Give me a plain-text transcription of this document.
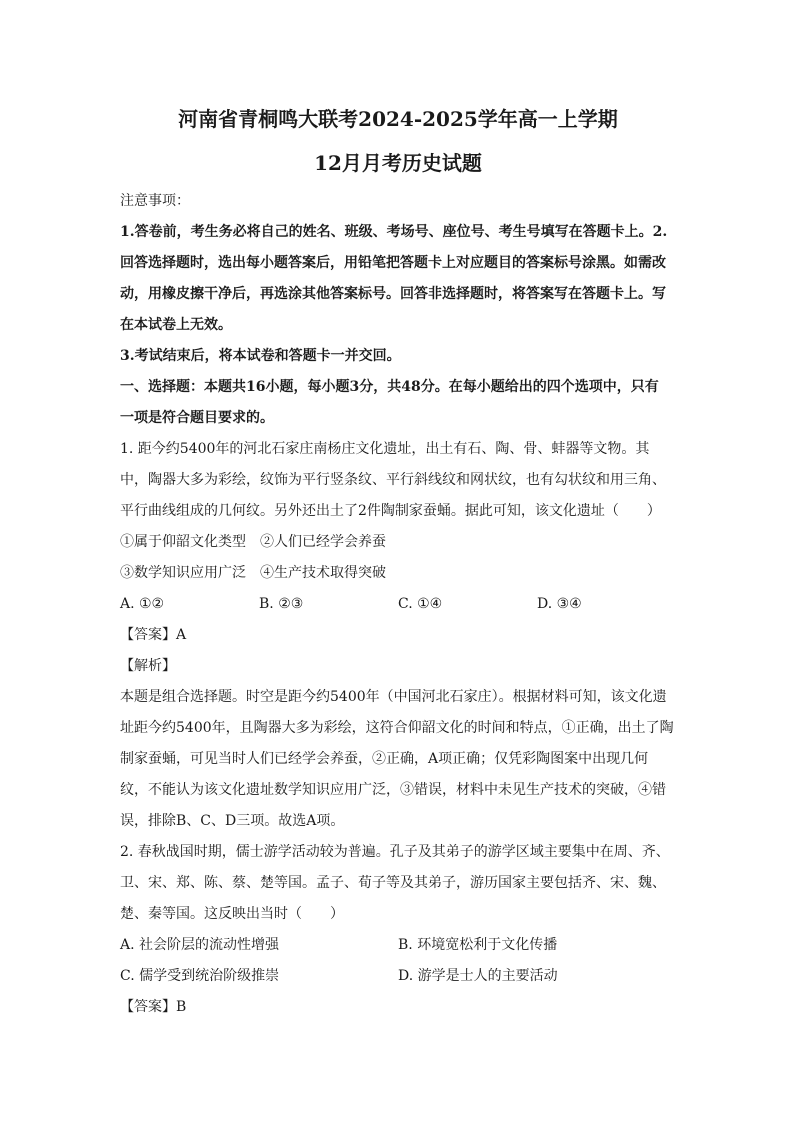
河南省青桐鸣大联考2024-2025学年高一上学期
12月月考历史试题

注意事项：

1.答卷前，考生务必将自己的姓名、班级、考场号、座位号、考生号填写在答题卡上。2.

回答选择题时，选出每小题答案后，用铅笔把答题卡上对应题目的答案标号涂黑。如需改

动，用橡皮擦干净后，再选涂其他答案标号。回答非选择题时，将答案写在答题卡上。写

在本试卷上无效。

3.考试结束后，将本试卷和答题卡一并交回。

一、选择题：本题共16小题，每小题3分，共48分。在每小题给出的四个选项中，只有

一项是符合题目要求的。

1. 距今约5400年的河北石家庄南杨庄文化遗址，出土有石、陶、骨、蚌器等文物。其

中，陶器大多为彩绘，纹饰为平行竖条纹、平行斜线纹和网状纹，也有勾状纹和用三角、

平行曲线组成的几何纹。另外还出土了2件陶制家蚕蛹。据此可知，该文化遗址（　　）

①属于仰韶文化类型　②人们已经学会养蚕

③数学知识应用广泛　④生产技术取得突破

A. ①②	B. ②③	C. ①④	D. ③④

【答案】A

【解析】

本题是组合选择题。时空是距今约5400年（中国河北石家庄）。根据材料可知，该文化遗

址距今约5400年，且陶器大多为彩绘，这符合仰韶文化的时间和特点，①正确，出土了陶

制家蚕蛹，可见当时人们已经学会养蚕，②正确，A项正确；仅凭彩陶图案中出现几何

纹，不能认为该文化遗址数学知识应用广泛，③错误，材料中未见生产技术的突破，④错

误，排除B、C、D三项。故选A项。

2. 春秋战国时期，儒士游学活动较为普遍。孔子及其弟子的游学区域主要集中在周、齐、

卫、宋、郑、陈、蔡、楚等国。孟子、荀子等及其弟子，游历国家主要包括齐、宋、魏、

楚、秦等国。这反映出当时（　　）

A. 社会阶层的流动性增强	B. 环境宽松利于文化传播
C. 儒学受到统治阶级推崇	D. 游学是士人的主要活动

【答案】B
